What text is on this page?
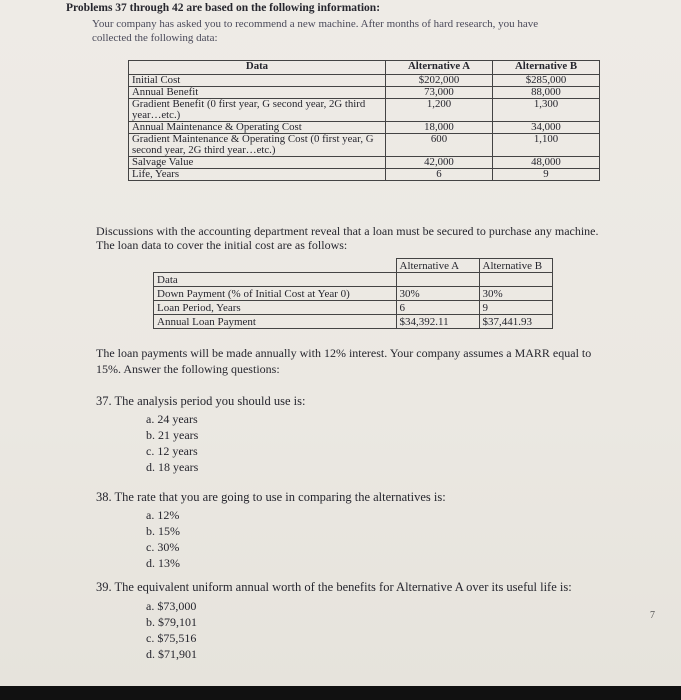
Problems 37 through 42 are based on the following information:
Your company has asked you to recommend a new machine. After months of hard research, you have
collected the following data:
Data	Alternative A	Alternative B
Initial Cost	$202,000	$285,000
Annual Benefit	73,000	88,000
Gradient Benefit (0 first year, G second year, 2G third year…etc.)	1,200	1,300
Annual Maintenance & Operating Cost	18,000	34,000
Gradient Maintenance & Operating Cost (0 first year, G second year, 2G third year…etc.)	600	1,100
Salvage Value	42,000	48,000
Life, Years	6	9
Discussions with the accounting department reveal that a loan must be secured to purchase any machine.
The loan data to cover the initial cost are as follows:
	Alternative A	Alternative B
Data		
Down Payment (% of Initial Cost at Year 0)	30%	30%
Loan Period, Years	6	9
Annual Loan Payment	$34,392.11	$37,441.93
The loan payments will be made annually with 12% interest. Your company assumes a MARR equal to
15%. Answer the following questions:
37. The analysis period you should use is:
a. 24 years
b. 21 years
c. 12 years
d. 18 years
38. The rate that you are going to use in comparing the alternatives is:
a. 12%
b. 15%
c. 30%
d. 13%
39. The equivalent uniform annual worth of the benefits for Alternative A over its useful life is:
a. $73,000
b. $79,101
c. $75,516
d. $71,901
7
